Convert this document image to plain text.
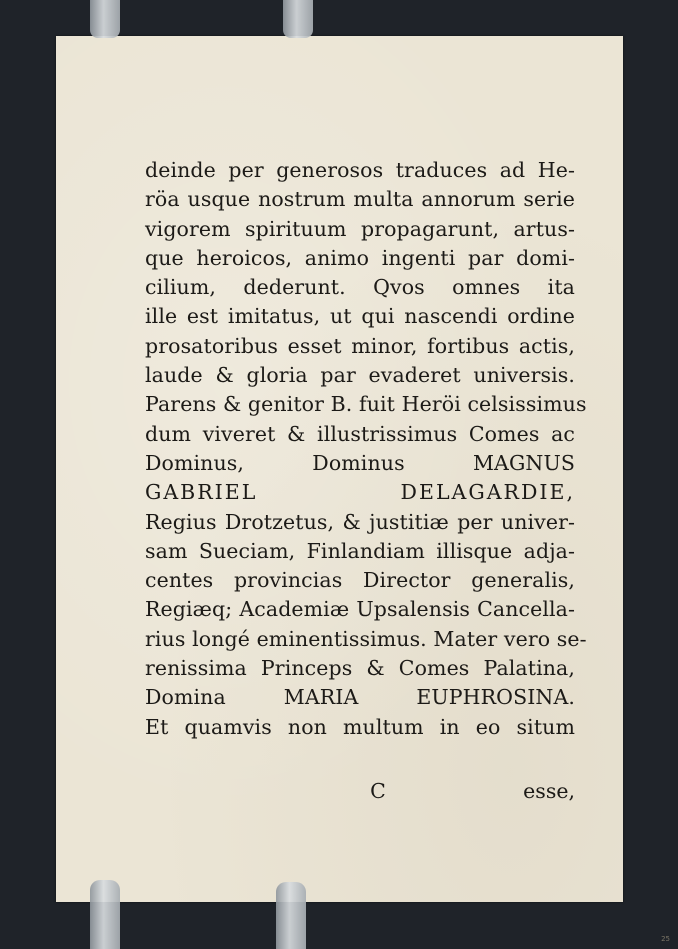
deinde per generosos traduces ad He‐
röa usque nostrum multa annorum serie
vigorem spirituum propagarunt, artus‐
que heroicos, animo ingenti par domi‐
cilium, dederunt. Qvos omnes ita
ille est imitatus, ut qui nascendi ordine
prosatoribus esset minor, fortibus actis,
laude & gloria par evaderet universis.
Parens & genitor B. fuit Heröi celsissimus
dum viveret & illustrissimus Comes ac
Dominus, Dominus MAGNUS
GABRIEL DELAGARDIE,
Regius Drotzetus, & justitiæ per univer‐
sam Sueciam, Finlandiam illisque adja‐
centes provincias Director generalis,
Regiæq; Academiæ Upsalensis Cancella‐
rius longé eminentissimus. Mater vero se‐
renissima Princeps & Comes Palatina,
Domina MARIA EUPHROSINA.
Et quamvis non multum in eo situm
C	esse,
25
